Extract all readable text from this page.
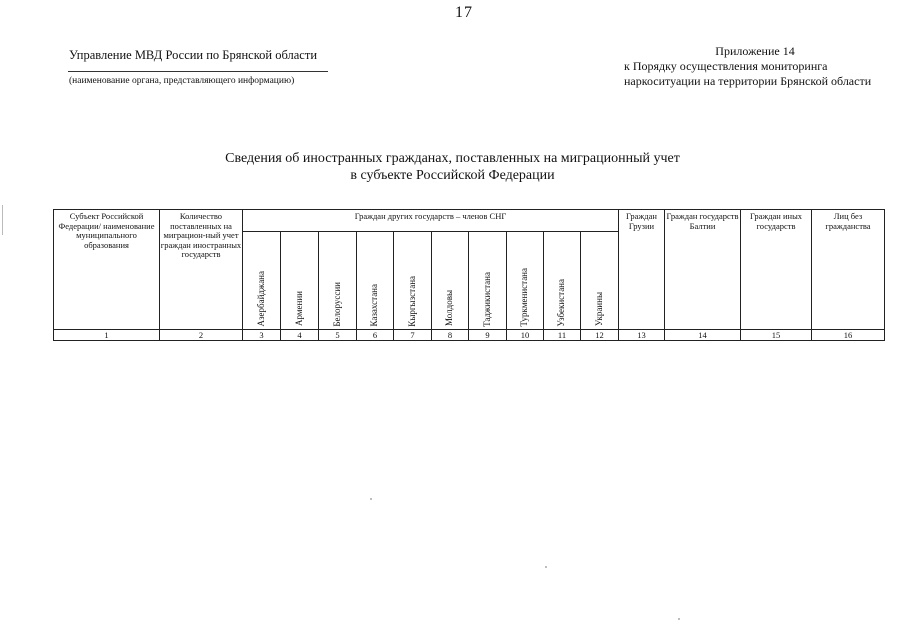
17
Управление МВД России по Брянской области
(наименование органа, представляющего информацию)
Приложение 14
к Порядку осуществления мониторинга наркоситуации на территории Брянской области
Сведения об иностранных гражданах, поставленных на миграционный учет
в субъекте Российской Федерации
Субъект Российской Федерации/ наименование муниципального образования	Количество поставленных на миграцион-ный учет граждан иностранных государств	Граждан других государств – членов СНГ										Граждан Грузии	Граждан государств Балтии	Граждан иных государств	Лиц без гражданства
		Азербайджана	Армении	Белоруссии	Казахстана	Кыргызстана	Молдовы	Таджикистана	Туркменистана	Узбекистана	Украины				
1	2	3	4	5	6	7	8	9	10	11	12	13	14	15	16
